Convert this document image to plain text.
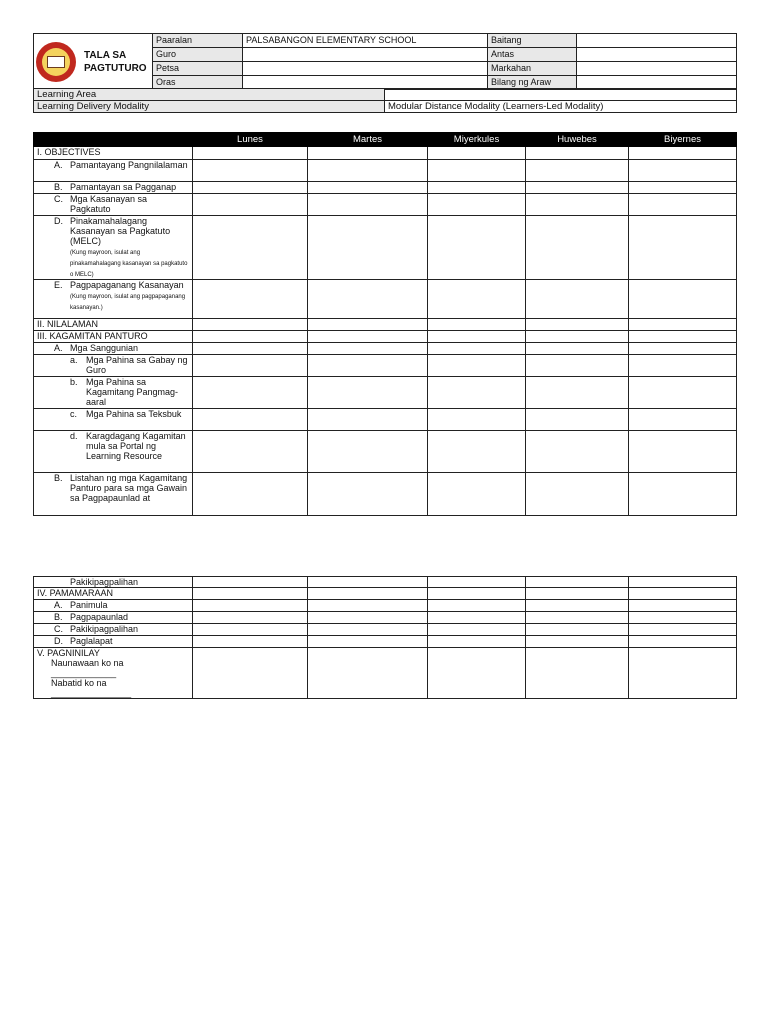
TALA SA
PAGTUTURO	Paaralan	PALSABANGON ELEMENTARY SCHOOL	Baitang	
	Guro		Antas	
	Petsa		Markahan	
	Oras		Bilang ng Araw	
Learning Area	
Learning Delivery Modality	Modular Distance Modality (Learners-Led Modality)
	Lunes	Martes	Miyerkules	Huwebes	Biyernes
I. OBJECTIVES					

A. Pamantayang Pangnilalaman					

B. Pamantayan sa Pagganap					

C. Mga Kasanayan sa Pagkatuto					

D. Pinakamahalagang Kasanayan sa Pagkatuto (MELC)
(Kung mayroon, isulat ang pinakamahalagang kasanayan sa pagkatuto o MELC)					

E. Pagpapaganang Kasanayan
(Kung mayroon, isulat ang pagpapaganang kasanayan.)					

II. NILALAMAN					
III. KAGAMITAN PANTURO					

A. Mga Sanggunian					

a. Mga Pahina sa Gabay ng Guro					

b. Mga Pahina sa Kagamitang Pangmag-aaral					

c. Mga Pahina sa Teksbuk					

d. Karagdagang Kagamitan mula sa Portal ng Learning Resource					

B. Listahan ng mga Kagamitang Panturo para sa mga Gawain sa Pagpapaunlad at					

Pakikipagpalihan					
IV. PAMAMARAAN					

A. Panimula					

B. Pagpapaunlad					

C. Pakikipagpalihan					

D. Paglalapat					

V. PAGNINILAY
Naunawaan ko na _____________
Nabatid ko na ________________					
